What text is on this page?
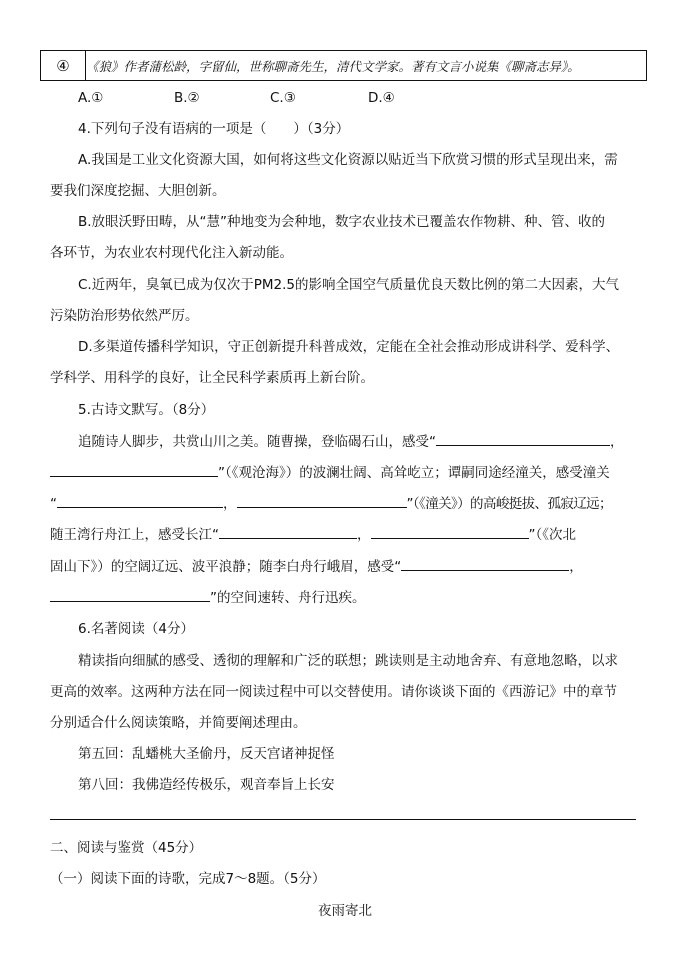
④	《狼》作者蒲松龄，字留仙，世称聊斋先生，清代文学家。著有文言小说集《聊斋志异》。
A.①	B.②	C.③	D.④
4.下列句子没有语病的一项是（　　）（3分）
A.我国是工业文化资源大国，如何将这些文化资源以贴近当下欣赏习惯的形式呈现出来，需
要我们深度挖掘、大胆创新。
B.放眼沃野田畴，从“慧”种地变为会种地，数字农业技术已覆盖农作物耕、种、管、收的
各环节，为农业农村现代化注入新动能。
C.近两年，臭氧已成为仅次于PM2.5的影响全国空气质量优良天数比例的第二大因素，大气
污染防治形势依然严厉。
D.多渠道传播科学知识，守正创新提升科普成效，定能在全社会推动形成讲科学、爱科学、
学科学、用科学的良好，让全民科学素质再上新台阶。
5.古诗文默写。（8分）
追随诗人脚步，共赏山川之美。随曹操，登临碣石山，感受“	，
”（《观沧海》）的波澜壮阔、高耸屹立；谭嗣同途经潼关，感受潼关
“	，	”（《潼关》）的高峻挺拔、孤寂辽远；
随王湾行舟江上，感受长江“	，	”（《次北
固山下》）的空阔辽远、波平浪静；随李白舟行峨眉，感受“	，
”的空间速转、舟行迅疾。
6.名著阅读（4分）
精读指向细腻的感受、透彻的理解和广泛的联想；跳读则是主动地舍弃、有意地忽略，以求
更高的效率。这两种方法在同一阅读过程中可以交替使用。请你谈谈下面的《西游记》中的章节
分别适合什么阅读策略，并简要阐述理由。
第五回：乱蟠桃大圣偷丹，反天宫诸神捉怪
第八回：我佛造经传极乐，观音奉旨上长安
二、阅读与鉴赏（45分）
（一）阅读下面的诗歌，完成7～8题。（5分）
夜雨寄北
